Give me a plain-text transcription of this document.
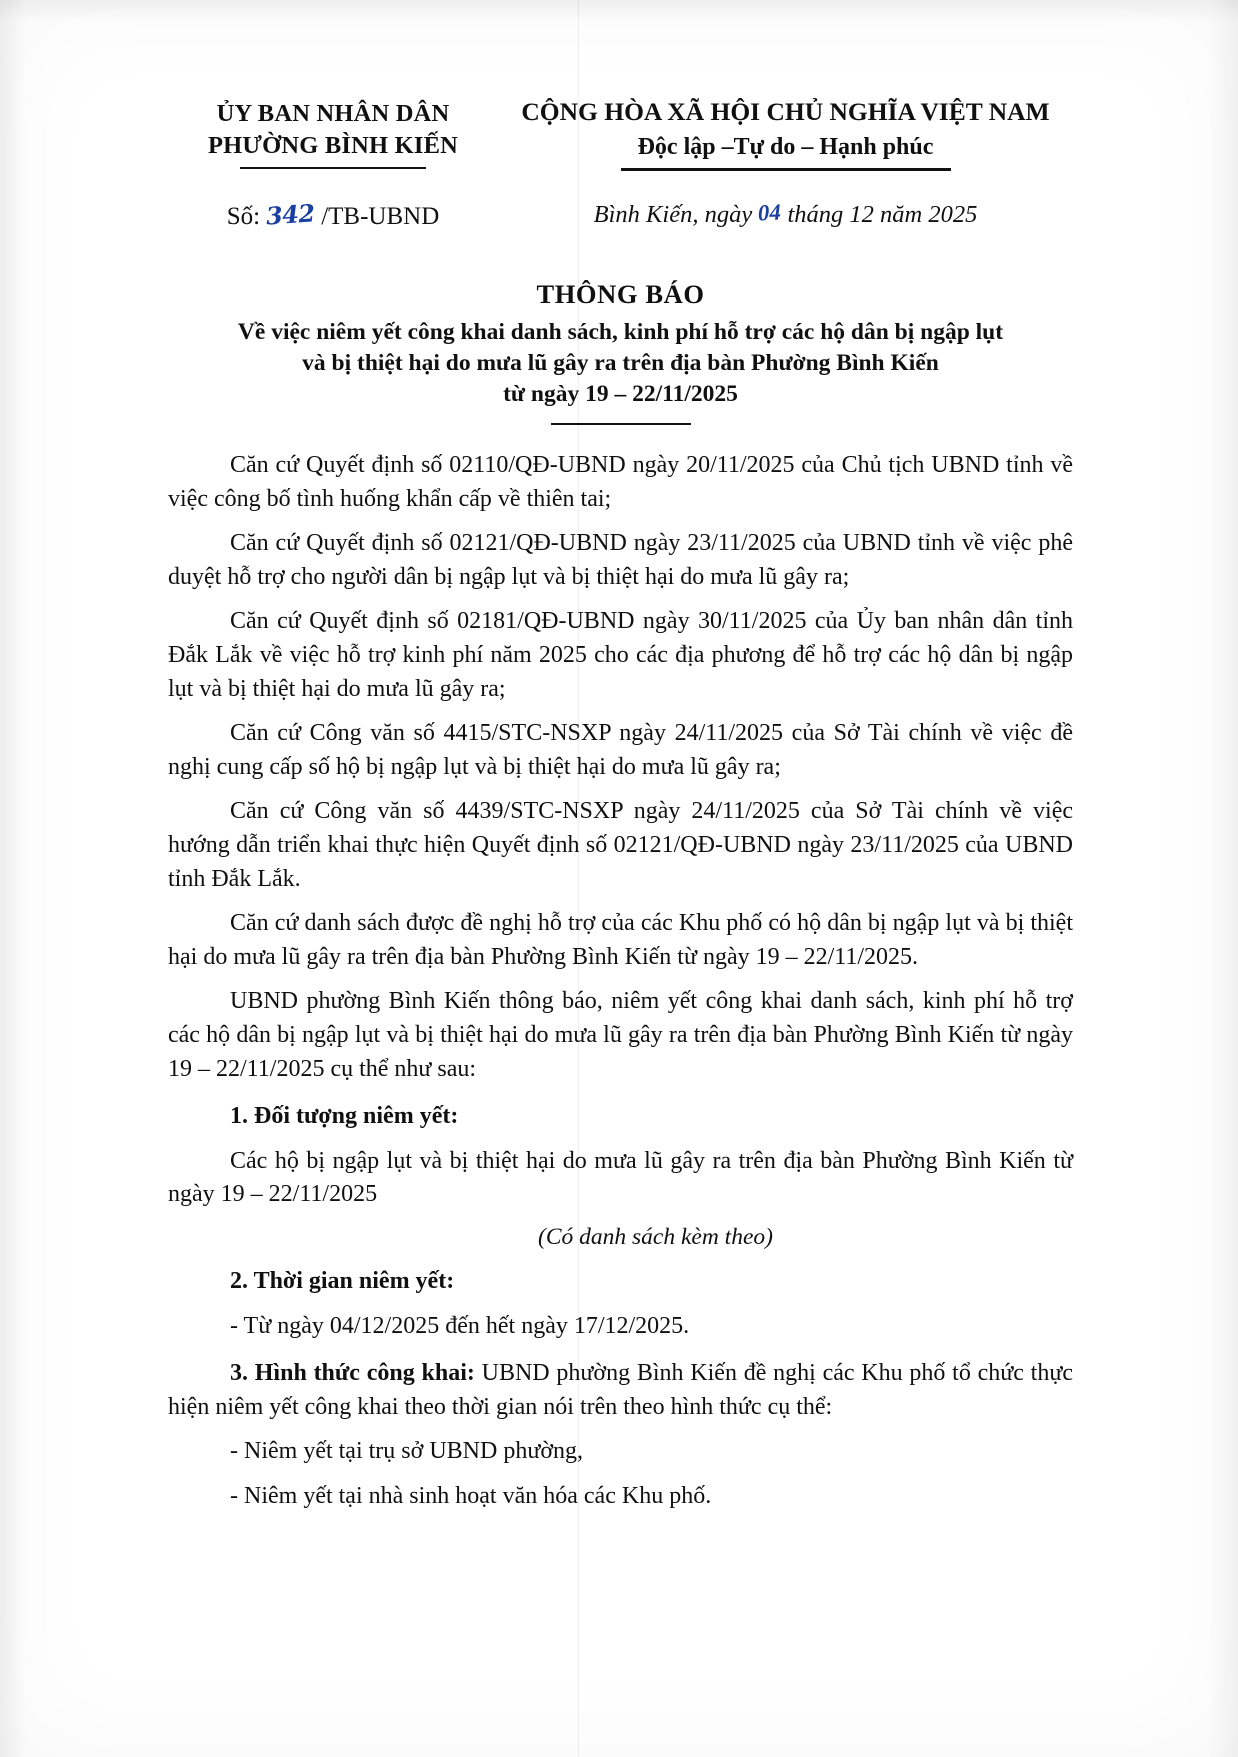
ỦY BAN NHÂN DÂN
PHƯỜNG BÌNH KIẾN
CỘNG HÒA XÃ HỘI CHỦ NGHĨA VIỆT NAM
Độc lập –Tự do – Hạnh phúc
Số: 342 /TB-UBND	Bình Kiến, ngày 04 tháng 12 năm 2025
THÔNG BÁO
Về việc niêm yết công khai danh sách, kinh phí hỗ trợ các hộ dân bị ngập lụt
và bị thiệt hại do mưa lũ gây ra trên địa bàn Phường Bình Kiến
từ ngày 19 – 22/11/2025

Căn cứ Quyết định số 02110/QĐ-UBND ngày 20/11/2025 của Chủ tịch UBND tỉnh về việc công bố tình huống khẩn cấp về thiên tai;

Căn cứ Quyết định số 02121/QĐ-UBND ngày 23/11/2025 của UBND tỉnh về việc phê duyệt hỗ trợ cho người dân bị ngập lụt và bị thiệt hại do mưa lũ gây ra;

Căn cứ Quyết định số 02181/QĐ-UBND ngày 30/11/2025 của Ủy ban nhân dân tỉnh Đắk Lắk về việc hỗ trợ kinh phí năm 2025 cho các địa phương để hỗ trợ các hộ dân bị ngập lụt và bị thiệt hại do mưa lũ gây ra;

Căn cứ Công văn số 4415/STC-NSXP ngày 24/11/2025 của Sở Tài chính về việc đề nghị cung cấp số hộ bị ngập lụt và bị thiệt hại do mưa lũ gây ra;

Căn cứ Công văn số 4439/STC-NSXP ngày 24/11/2025 của Sở Tài chính về việc hướng dẫn triển khai thực hiện Quyết định số 02121/QĐ-UBND ngày 23/11/2025 của UBND tỉnh Đắk Lắk.

Căn cứ danh sách được đề nghị hỗ trợ của các Khu phố có hộ dân bị ngập lụt và bị thiệt hại do mưa lũ gây ra trên địa bàn Phường Bình Kiến từ ngày 19 – 22/11/2025.

UBND phường Bình Kiến thông báo, niêm yết công khai danh sách, kinh phí hỗ trợ các hộ dân bị ngập lụt và bị thiệt hại do mưa lũ gây ra trên địa bàn Phường Bình Kiến từ ngày 19 – 22/11/2025 cụ thể như sau:

1. Đối tượng niêm yết:

Các hộ bị ngập lụt và bị thiệt hại do mưa lũ gây ra trên địa bàn Phường Bình Kiến từ ngày 19 – 22/11/2025

(Có danh sách kèm theo)

2. Thời gian niêm yết:

- Từ ngày 04/12/2025 đến hết ngày 17/12/2025.

3. Hình thức công khai: UBND phường Bình Kiến đề nghị các Khu phố tổ chức thực hiện niêm yết công khai theo thời gian nói trên theo hình thức cụ thể:

- Niêm yết tại trụ sở UBND phường,

- Niêm yết tại nhà sinh hoạt văn hóa các Khu phố.
